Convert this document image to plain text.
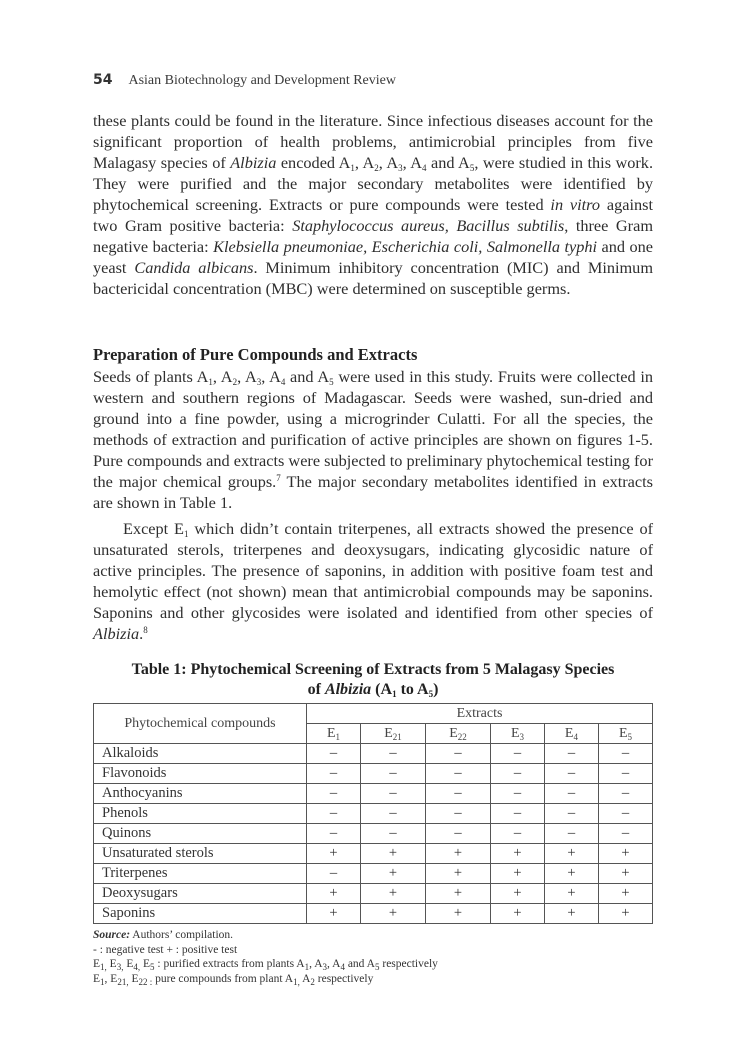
54 Asian Biotechnology and Development Review

these plants could be found in the literature. Since infectious diseases account for the significant proportion of health problems, antimicrobial principles from five Malagasy species of Albizia encoded $A_1$, $A_2$, $A_3$, $A_4$ and $A_5$, were studied in this work. They were purified and the major secondary metabolites were identified by phytochemical screening. Extracts or pure compounds were tested in vitro against two Gram positive bacteria: Staphylococcus aureus, Bacillus subtilis, three Gram negative bacteria: Klebsiella pneumoniae, Escherichia coli, Salmonella typhi and one yeast Candida albicans. Minimum inhibitory concentration (MIC) and Minimum bactericidal concentration (MBC) were determined on susceptible germs.

Preparation of Pure Compounds and Extracts

Seeds of plants $A_1$, $A_2$, $A_3$, $A_4$ and $A_5$ were used in this study. Fruits were collected in western and southern regions of Madagascar. Seeds were washed, sun-dried and ground into a fine powder, using a microgrinder Culatti. For all the species, the methods of extraction and purification of active principles are shown on figures 1-5. Pure compounds and extracts were subjected to preliminary phytochemical testing for the major chemical groups.$^7$ The major secondary metabolites identified in extracts are shown in Table 1.

Except $E_1$ which didn’t contain triterpenes, all extracts showed the presence of unsaturated sterols, triterpenes and deoxysugars, indicating glycosidic nature of active principles. The presence of saponins, in addition with positive foam test and hemolytic effect (not shown) mean that antimicrobial compounds may be saponins. Saponins and other glycosides were isolated and identified from other species of Albizia.$^8$

Table 1: Phytochemical Screening of Extracts from 5 Malagasy Species
of Albizia ($A_1$ to $A_5$)
Phytochemical compounds	Extracts					
	$E_1$	$E_{21}$	$E_{22}$	$E_3$	$E_4$	$E_5$
Alkaloids	–	–	–	–	–	–
Flavonoids	–	–	–	–	–	–
Anthocyanins	–	–	–	–	–	–
Phenols	–	–	–	–	–	–
Quinons	–	–	–	–	–	–
Unsaturated sterols	+	+	+	+	+	+
Triterpenes	–	+	+	+	+	+
Deoxysugars	+	+	+	+	+	+
Saponins	+	+	+	+	+	+
Source: Authors’ compilation.
- : negative test + : positive test
$E_{1,}$ $E_{3,}$ $E_{4,}$ $E_5$ : purified extracts from plants $A_1$, $A_3$, $A_4$ and $A_5$ respectively
$E_1$, $E_{21,}$ $E_{22 :}$ pure compounds from plant $A_{1,}$ $A_2$ respectively
